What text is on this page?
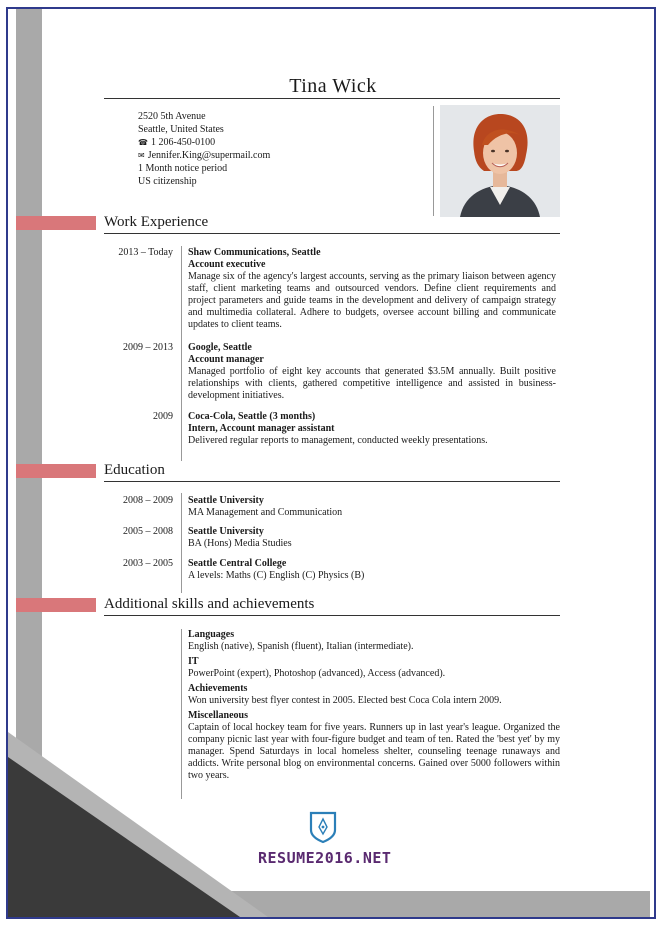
Tina Wick
2520 5th Avenue
Seattle, United States
☎ 1 206-450-0100
✉ Jennifer.King@supermail.com
1 Month notice period
US citizenship
Work Experience
2013 – Today Shaw Communications, Seattle
Account executive

Manage six of the agency's largest accounts, serving as the primary liaison between agency staff, client marketing teams and outsourced vendors. Define client requirements and project parameters and guide teams in the development and delivery of campaign strategy and multimedia collateral. Adhere to budgets, oversee account billing and communicate updates to client teams.

2009 – 2013 Google, Seattle
Account manager

Managed portfolio of eight key accounts that generated $3.5M annually. Built positive relationships with clients, gathered competitive intelligence and assisted in business-development initiatives.

2009 Coca-Cola, Seattle (3 months)
Intern, Account manager assistant

Delivered regular reports to management, conducted weekly presentations.

Education
2008 – 2009 Seattle University
MA Management and Communication
2005 – 2008 Seattle University
BA (Hons) Media Studies
2003 – 2005 Seattle Central College
A levels: Maths (C) English (C) Physics (B)
Additional skills and achievements
Languages

English (native), Spanish (fluent), Italian (intermediate).

IT

PowerPoint (expert), Photoshop (advanced), Access (advanced).

Achievements

Won university best flyer contest in 2005. Elected best Coca Cola intern 2009.

Miscellaneous

Captain of local hockey team for five years. Runners up in last year's league. Organized the company picnic last year with four-figure budget and team of ten. Rated the 'best yet' by my manager. Spend Saturdays in local homeless shelter, counseling teenage runaways and addicts. Write personal blog on environmental concerns. Gained over 5000 followers within two years.

RESUME2016.NET
